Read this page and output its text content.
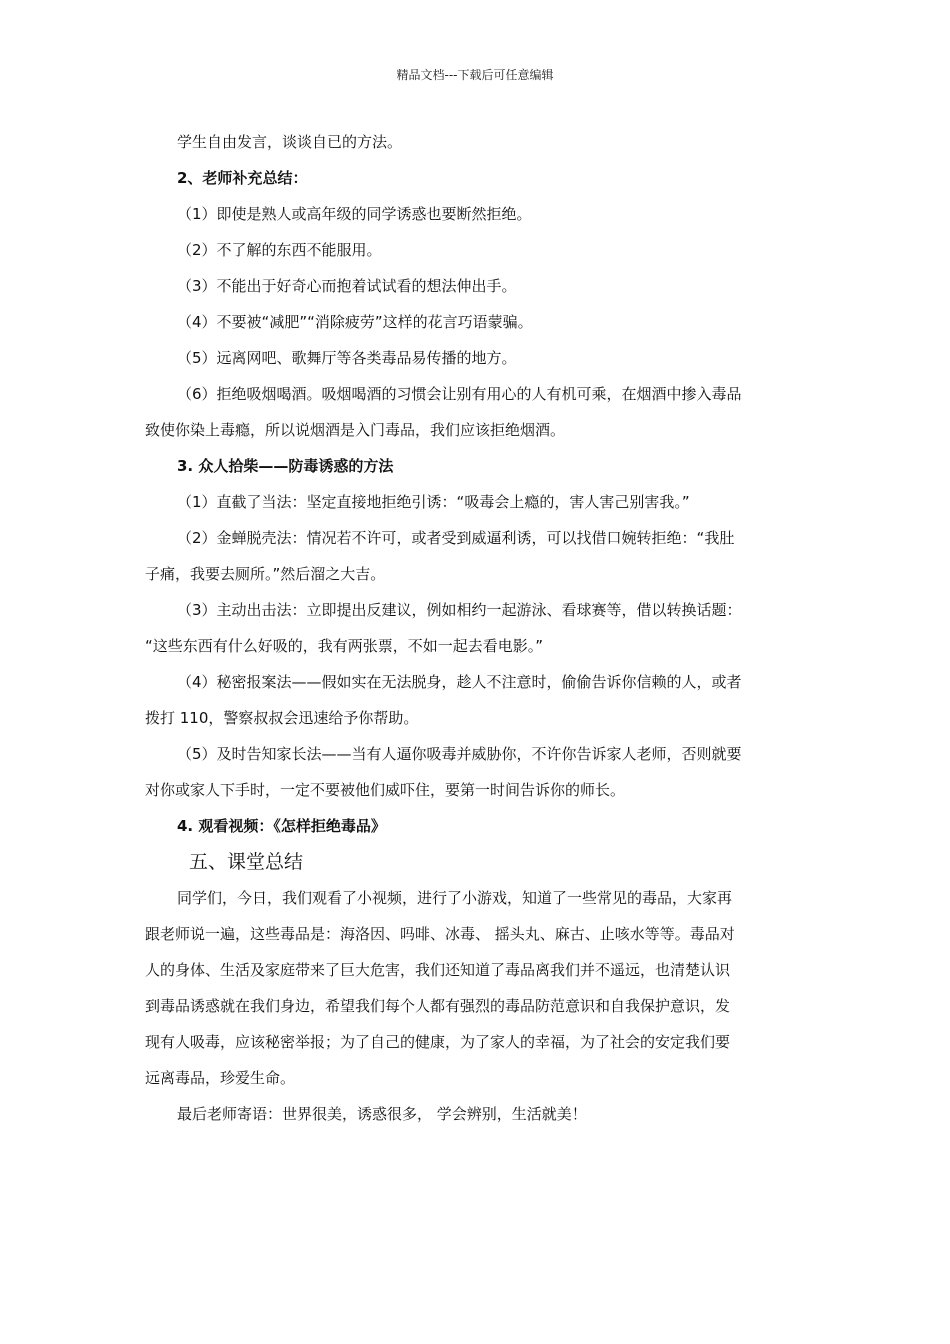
精品文档---下载后可任意编辑

学生自由发言，谈谈自已的方法。

2、老师补充总结：

（1）即使是熟人或高年级的同学诱惑也要断然拒绝。

（2）不了解的东西不能服用。

（3）不能出于好奇心而抱着试试看的想法伸出手。

（4）不要被“减肥”“消除疲劳”这样的花言巧语蒙骗。

（5）远离网吧、歌舞厅等各类毒品易传播的地方。

（6）拒绝吸烟喝酒。吸烟喝酒的习惯会让别有用心的人有机可乘，在烟酒中掺入毒品

致使你染上毒瘾，所以说烟酒是入门毒品，我们应该拒绝烟酒。

3. 众人拾柴——防毒诱惑的方法

（1）直截了当法：坚定直接地拒绝引诱：“吸毒会上瘾的，害人害己别害我。”

（2）金蝉脱壳法：情况若不许可，或者受到威逼利诱，可以找借口婉转拒绝：“我肚

子痛，我要去厕所。”然后溜之大吉。

（3）主动出击法：立即提出反建议，例如相约一起游泳、看球赛等，借以转换话题：

“这些东西有什么好吸的，我有两张票，不如一起去看电影。”

（4）秘密报案法——假如实在无法脱身，趁人不注意时，偷偷告诉你信赖的人，或者

拨打 110，警察叔叔会迅速给予你帮助。

（5）及时告知家长法——当有人逼你吸毒并威胁你，不许你告诉家人老师，否则就要

对你或家人下手时，一定不要被他们威吓住，要第一时间告诉你的师长。

4. 观看视频：《怎样拒绝毒品》

五、课堂总结

同学们，今日，我们观看了小视频，进行了小游戏，知道了一些常见的毒品，大家再

跟老师说一遍，这些毒品是：海洛因、吗啡、冰毒、 摇头丸、麻古、止咳水等等。毒品对

人的身体、生活及家庭带来了巨大危害，我们还知道了毒品离我们并不遥远，也清楚认识

到毒品诱惑就在我们身边，希望我们每个人都有强烈的毒品防范意识和自我保护意识，发

现有人吸毒，应该秘密举报；为了自己的健康，为了家人的幸福，为了社会的安定我们要

远离毒品，珍爱生命。

最后老师寄语：世界很美，诱惑很多， 学会辨别，生活就美！
